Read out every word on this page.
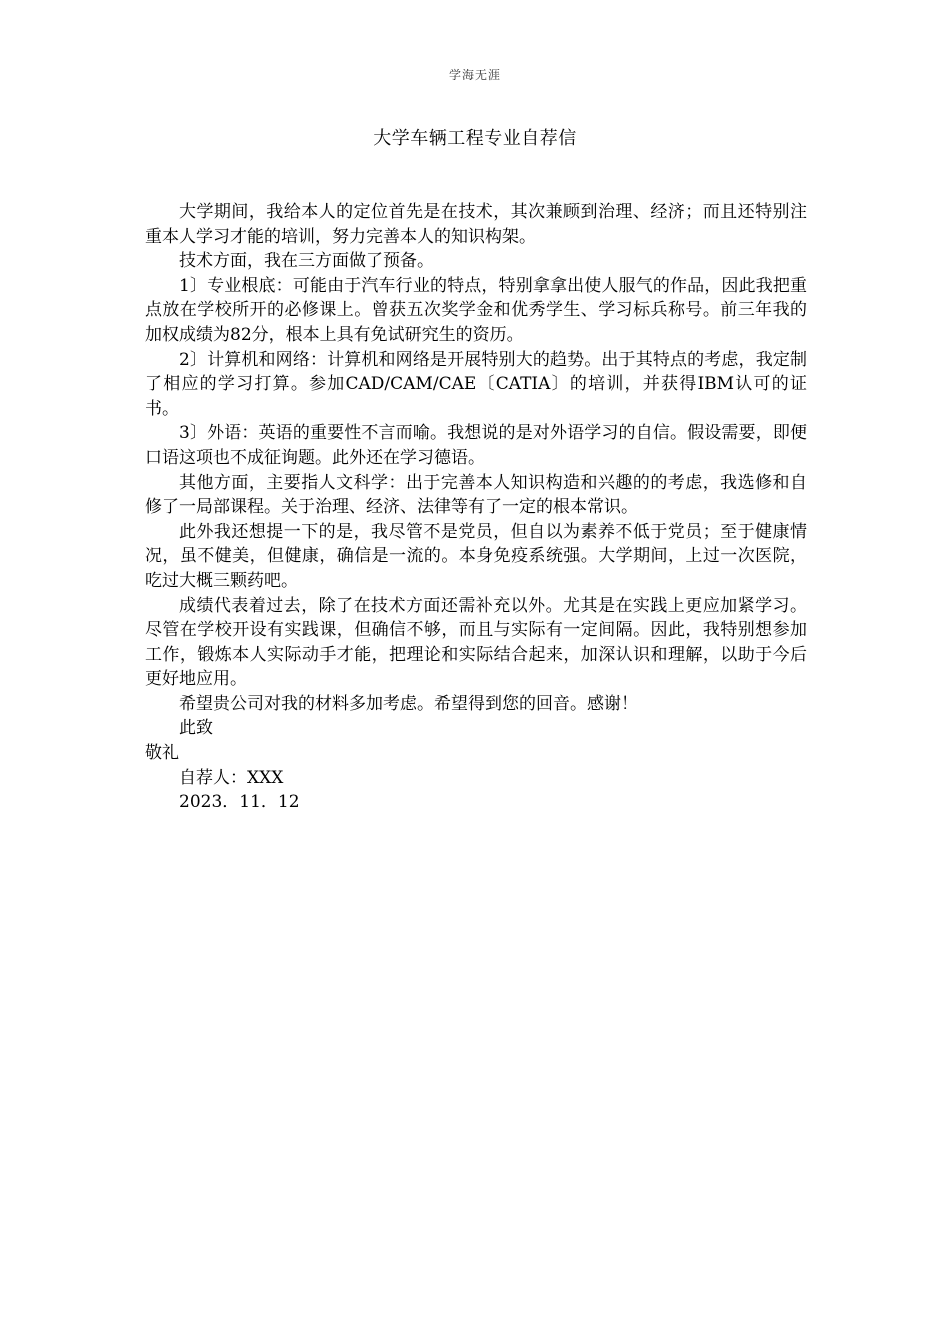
学海无涯
大学车辆工程专业自荐信

大学期间，我给本人的定位首先是在技术，其次兼顾到治理、经济；而且还特别注重本人学习才能的培训，努力完善本人的知识构架。

技术方面，我在三方面做了预备。

1〕专业根底：可能由于汽车行业的特点，特别拿拿出使人服气的作品，因此我把重点放在学校所开的必修课上。曾获五次奖学金和优秀学生、学习标兵称号。前三年我的加权成绩为82分，根本上具有免试研究生的资历。

2〕计算机和网络：计算机和网络是开展特别大的趋势。出于其特点的考虑，我定制了相应的学习打算。参加CAD/CAM/CAE〔CATIA〕的培训，并获得IBM认可的证书。

3〕外语：英语的重要性不言而喻。我想说的是对外语学习的自信。假设需要，即便口语这项也不成征询题。此外还在学习德语。

其他方面，主要指人文科学：出于完善本人知识构造和兴趣的的考虑，我选修和自修了一局部课程。关于治理、经济、法律等有了一定的根本常识。

此外我还想提一下的是，我尽管不是党员，但自以为素养不低于党员；至于健康情况，虽不健美，但健康，确信是一流的。本身免疫系统强。大学期间，上过一次医院，吃过大概三颗药吧。

成绩代表着过去，除了在技术方面还需补充以外。尤其是在实践上更应加紧学习。尽管在学校开设有实践课，但确信不够，而且与实际有一定间隔。因此，我特别想参加工作，锻炼本人实际动手才能，把理论和实际结合起来，加深认识和理解，以助于今后更好地应用。

希望贵公司对我的材料多加考虑。希望得到您的回音。感谢！

此致

敬礼

自荐人：XXX

2023．11．12
